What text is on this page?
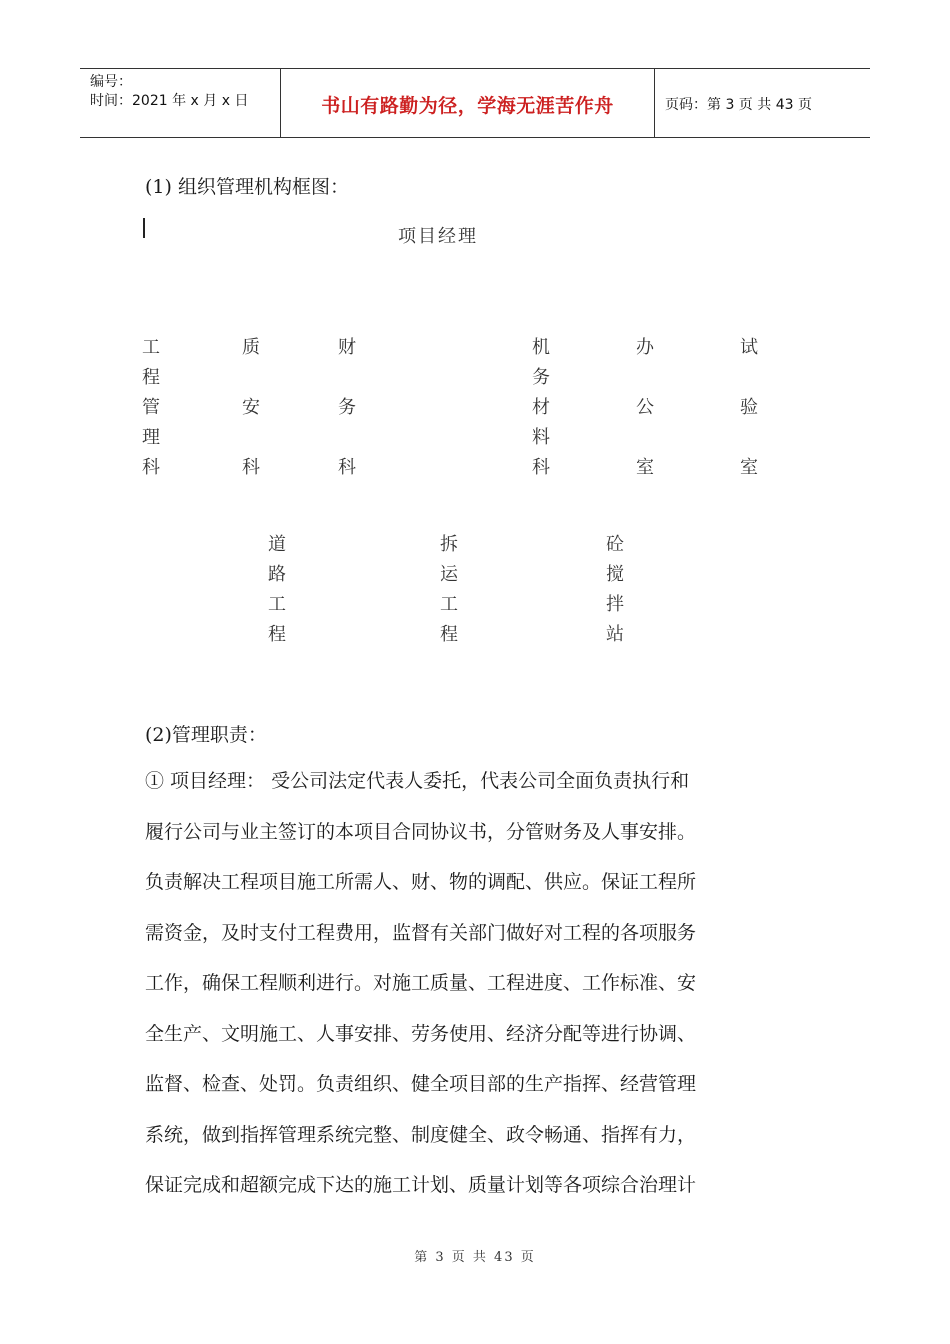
编号：
时间：2021 年 x 月 x 日	书山有路勤为径，学海无涯苦作舟	页码：第 3 页 共 43 页
(1) 组织管理机构框图：
项目经理
工
程
管
理
科
质
安
科
财
务
科
机
务
材
料
科
办
公
室
试
验
室
道
路
工
程
拆
运
工
程
砼
搅
拌
站
(2)管理职责：
① 项目经理： 受公司法定代表人委托，代表公司全面负责执行和
履行公司与业主签订的本项目合同协议书，分管财务及人事安排。
负责解决工程项目施工所需人、财、物的调配、供应。保证工程所
需资金，及时支付工程费用，监督有关部门做好对工程的各项服务
工作，确保工程顺利进行。对施工质量、工程进度、工作标准、安
全生产、文明施工、人事安排、劳务使用、经济分配等进行协调、
监督、检查、处罚。负责组织、健全项目部的生产指挥、经营管理
系统，做到指挥管理系统完整、制度健全、政令畅通、指挥有力，
保证完成和超额完成下达的施工计划、质量计划等各项综合治理计
第 3 页 共 43 页
